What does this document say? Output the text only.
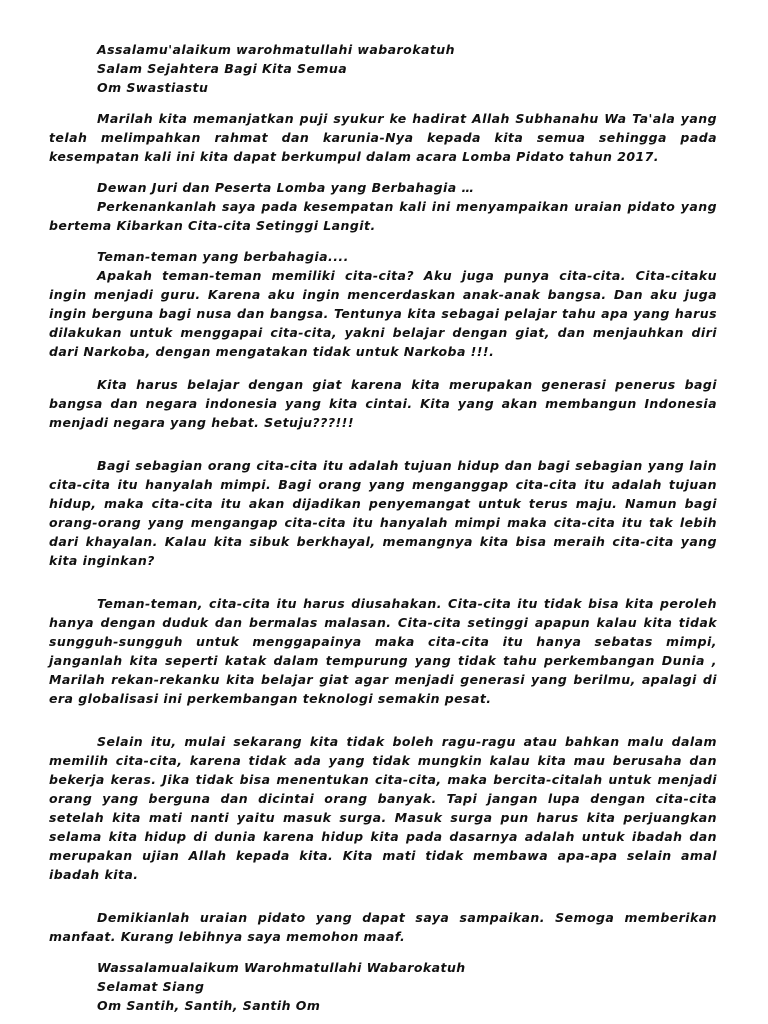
Assalamu'alaikum warohmatullahi wabarokatuh
Salam Sejahtera Bagi Kita Semua
Om Swastiastu

Marilah kita memanjatkan puji syukur ke hadirat Allah Subhanahu Wa Ta'ala yang telah melimpahkan rahmat dan karunia-Nya kepada kita semua sehingga pada kesempatan kali ini kita dapat berkumpul dalam acara Lomba Pidato tahun 2017.

Dewan Juri dan Peserta Lomba yang Berbahagia …

Perkenankanlah saya pada kesempatan kali ini menyampaikan uraian pidato yang bertema Kibarkan Cita-cita Setinggi Langit.

Teman-teman yang berbahagia....

Apakah teman-teman memiliki cita-cita? Aku juga punya cita-cita. Cita-citaku ingin menjadi guru. Karena aku ingin mencerdaskan anak-anak bangsa. Dan aku juga ingin berguna bagi nusa dan bangsa. Tentunya kita sebagai pelajar tahu apa yang harus dilakukan untuk menggapai cita-cita, yakni belajar dengan giat, dan menjauhkan diri dari Narkoba, dengan mengatakan tidak untuk Narkoba !!!.

Kita harus belajar dengan giat karena kita merupakan generasi penerus bagi bangsa dan negara indonesia yang kita cintai. Kita yang akan membangun Indonesia menjadi negara yang hebat. Setuju???!!!

Bagi sebagian orang cita-cita itu adalah tujuan hidup dan bagi sebagian yang lain cita-cita itu hanyalah mimpi. Bagi orang yang menganggap cita-cita itu adalah tujuan hidup, maka cita-cita itu akan dijadikan penyemangat untuk terus maju. Namun bagi orang-orang yang mengangap cita-cita itu hanyalah mimpi maka cita-cita itu tak lebih dari khayalan. Kalau kita sibuk berkhayal, memangnya kita bisa meraih cita-cita yang kita inginkan?

Teman-teman, cita-cita itu harus diusahakan. Cita-cita itu tidak bisa kita peroleh hanya dengan duduk dan bermalas malasan. Cita-cita setinggi apapun kalau kita tidak sungguh-sungguh untuk menggapainya maka cita-cita itu hanya sebatas mimpi, janganlah kita seperti katak dalam tempurung yang tidak tahu perkembangan Dunia , Marilah rekan-rekanku kita belajar giat agar menjadi generasi yang berilmu, apalagi di era globalisasi ini perkembangan teknologi semakin pesat.

Selain itu, mulai sekarang kita tidak boleh ragu-ragu atau bahkan malu dalam memilih cita-cita, karena tidak ada yang tidak mungkin kalau kita mau berusaha dan bekerja keras. Jika tidak bisa menentukan cita-cita, maka bercita-citalah untuk menjadi orang yang berguna dan dicintai orang banyak. Tapi jangan lupa dengan cita-cita setelah kita mati nanti yaitu masuk surga. Masuk surga pun harus kita perjuangkan selama kita hidup di dunia karena hidup kita pada dasarnya adalah untuk ibadah dan merupakan ujian Allah kepada kita. Kita mati tidak membawa apa-apa selain amal ibadah kita.

Demikianlah uraian pidato yang dapat saya sampaikan. Semoga memberikan manfaat. Kurang lebihnya saya memohon maaf.

Wassalamualaikum Warohmatullahi Wabarokatuh
Selamat Siang
Om Santih, Santih, Santih Om
